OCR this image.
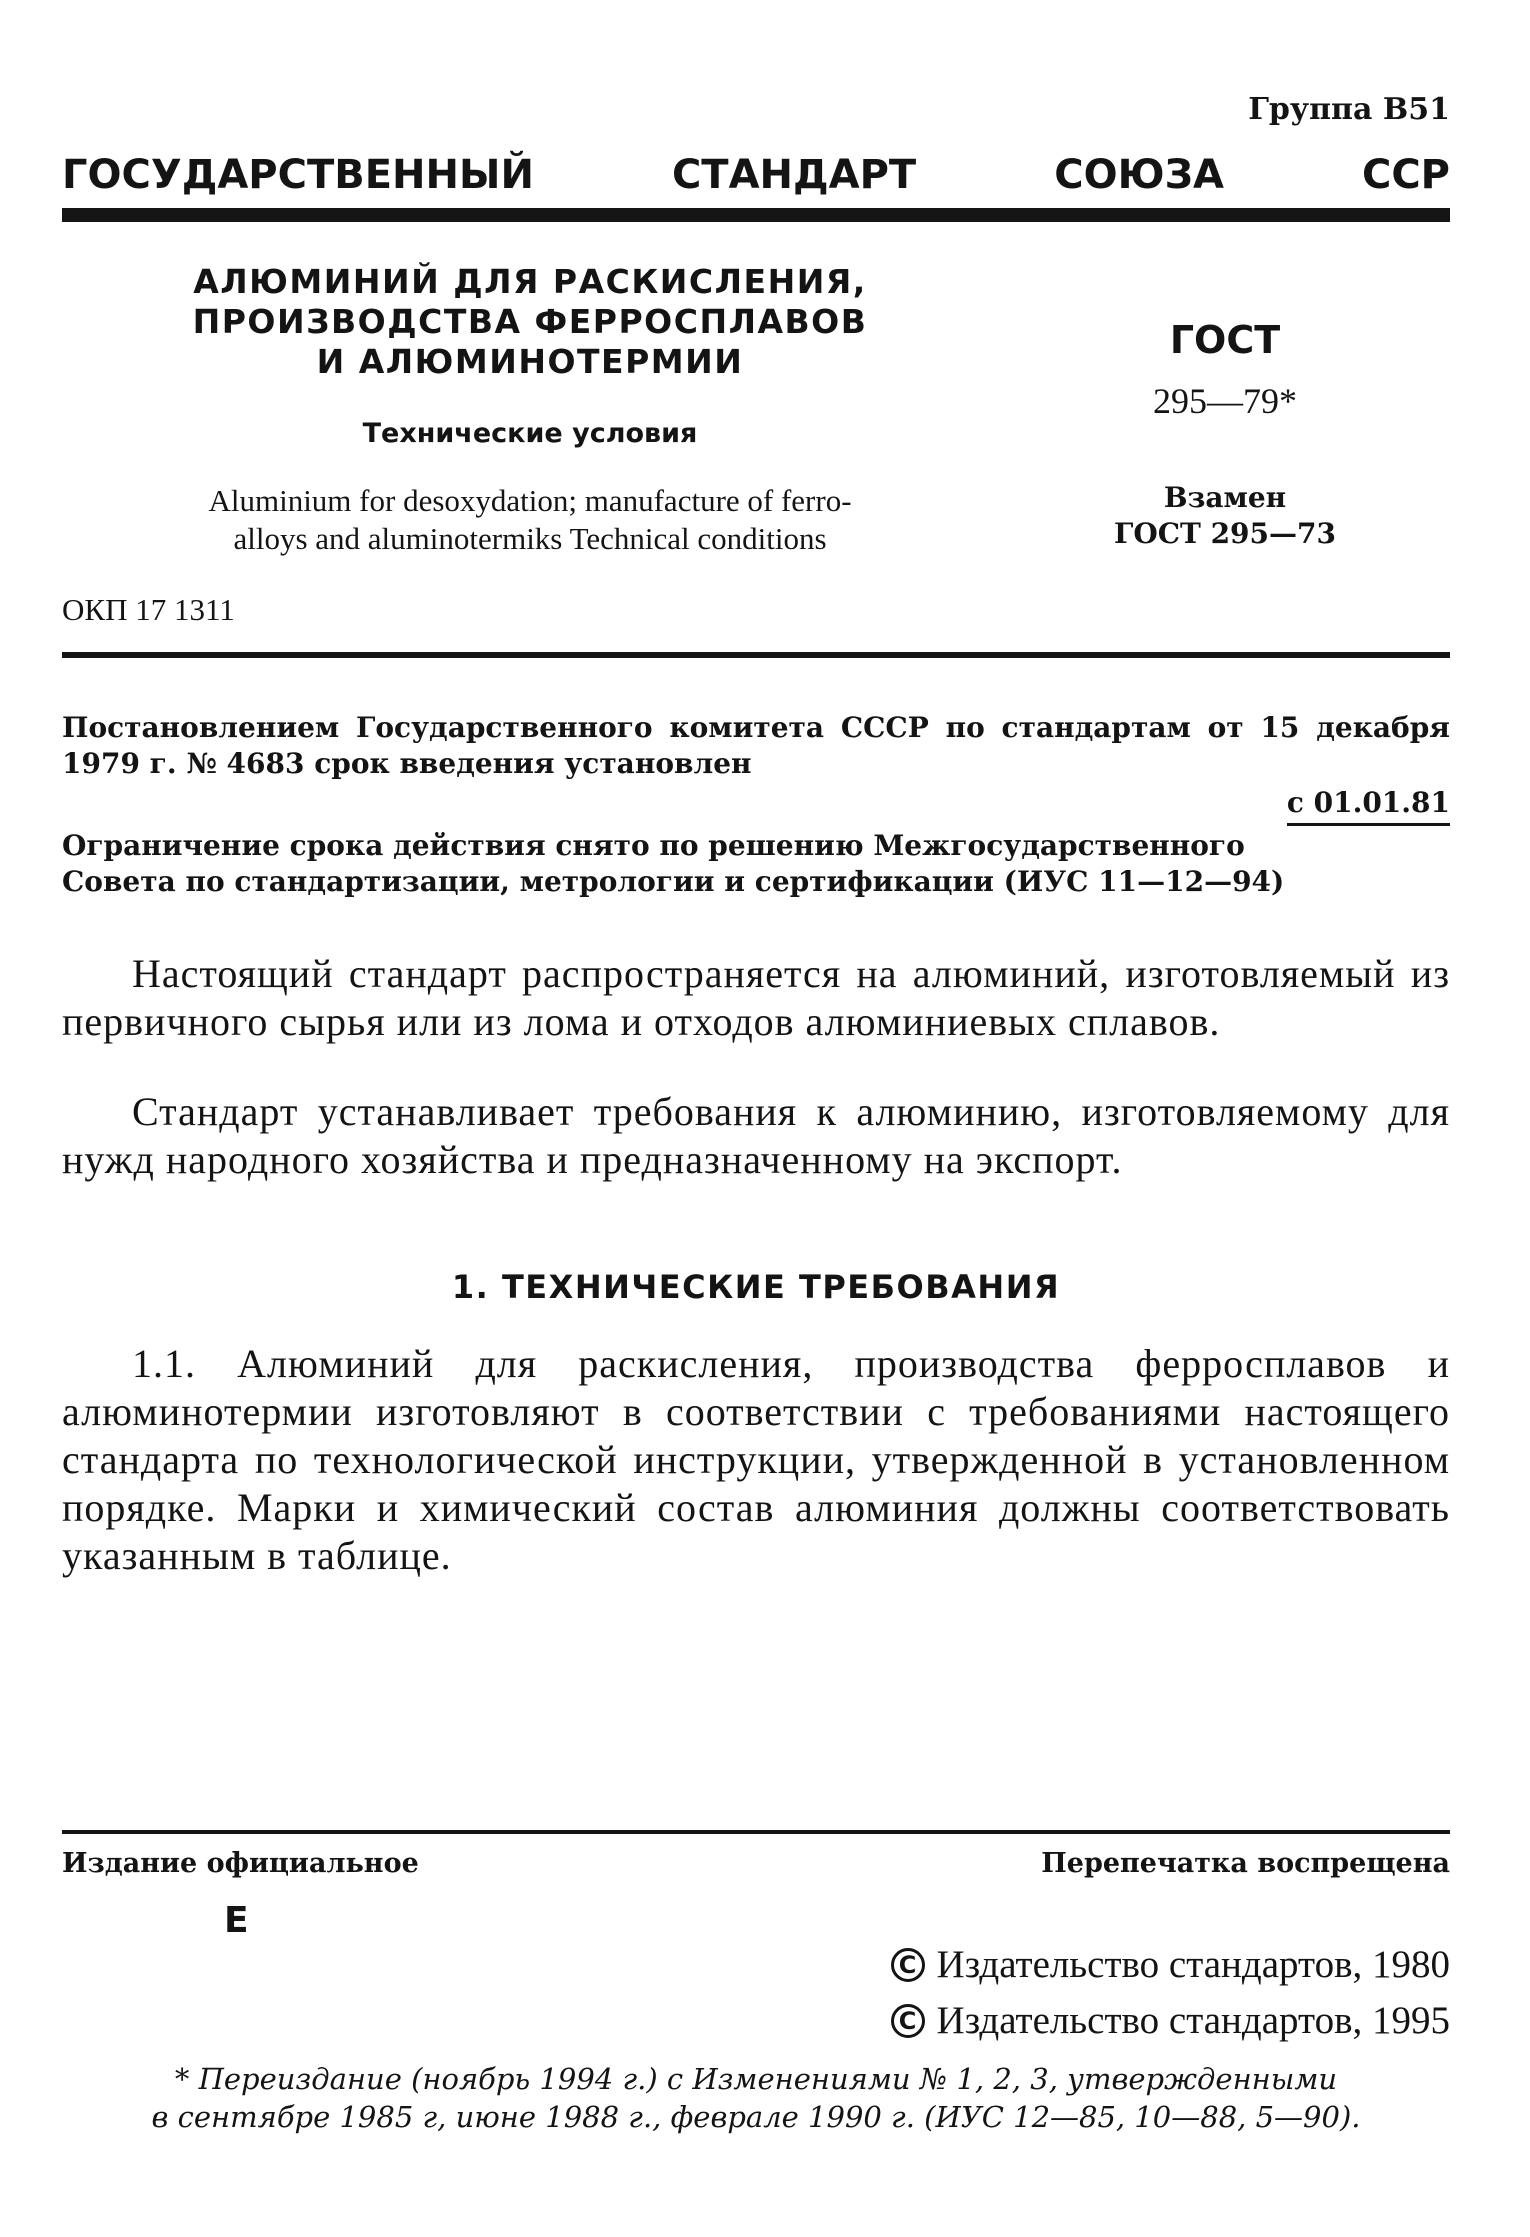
Группа В51
ГОСУДАРСТВЕННЫЙ	СТАНДАРТ	СОЮЗА	ССР
АЛЮМИНИЙ ДЛЯ РАСКИСЛЕНИЯ,
ПРОИЗВОДСТВА ФЕРРОСПЛАВОВ
И АЛЮМИНОТЕРМИИ
Технические условия
Aluminium for desoxydation; manufacture of ferro-
alloys and aluminotermiks Technical conditions
ОКП 17 1311
ГОСТ
295—79*
Взамен
ГОСТ 295—73
Постановлением Государственного комитета СССР по стандартам от 15 декабря 1979 г. № 4683 срок введения установлен
с 01.01.81
Ограничение срока действия снято по решению Межгосударственного
Совета по стандартизации, метрологии и сертификации (ИУС 11—12—94)
Настоящий стандарт распространяется на алюминий, изготовляемый из первичного сырья или из лома и отходов алюминиевых сплавов.
Стандарт устанавливает требования к алюминию, изготовляемому для нужд народного хозяйства и предназначенному на экспорт.
1. ТЕХНИЧЕСКИЕ ТРЕБОВАНИЯ
1.1. Алюминий для раскисления, производства ферросплавов и алюминотермии изготовляют в соответствии с требованиями настоящего стандарта по технологической инструкции, утвержденной в установленном порядке. Марки и химический состав алюминия должны соответствовать указанным в таблице.
Издание официальное	Перепечатка воспрещена
Е
C Издательство стандартов, 1980
C Издательство стандартов, 1995
* Переиздание (ноябрь 1994 г.) с Изменениями № 1, 2, 3, утвержденными
в сентябре 1985 г, июне 1988 г., феврале 1990 г. (ИУС 12—85, 10—88, 5—90).
